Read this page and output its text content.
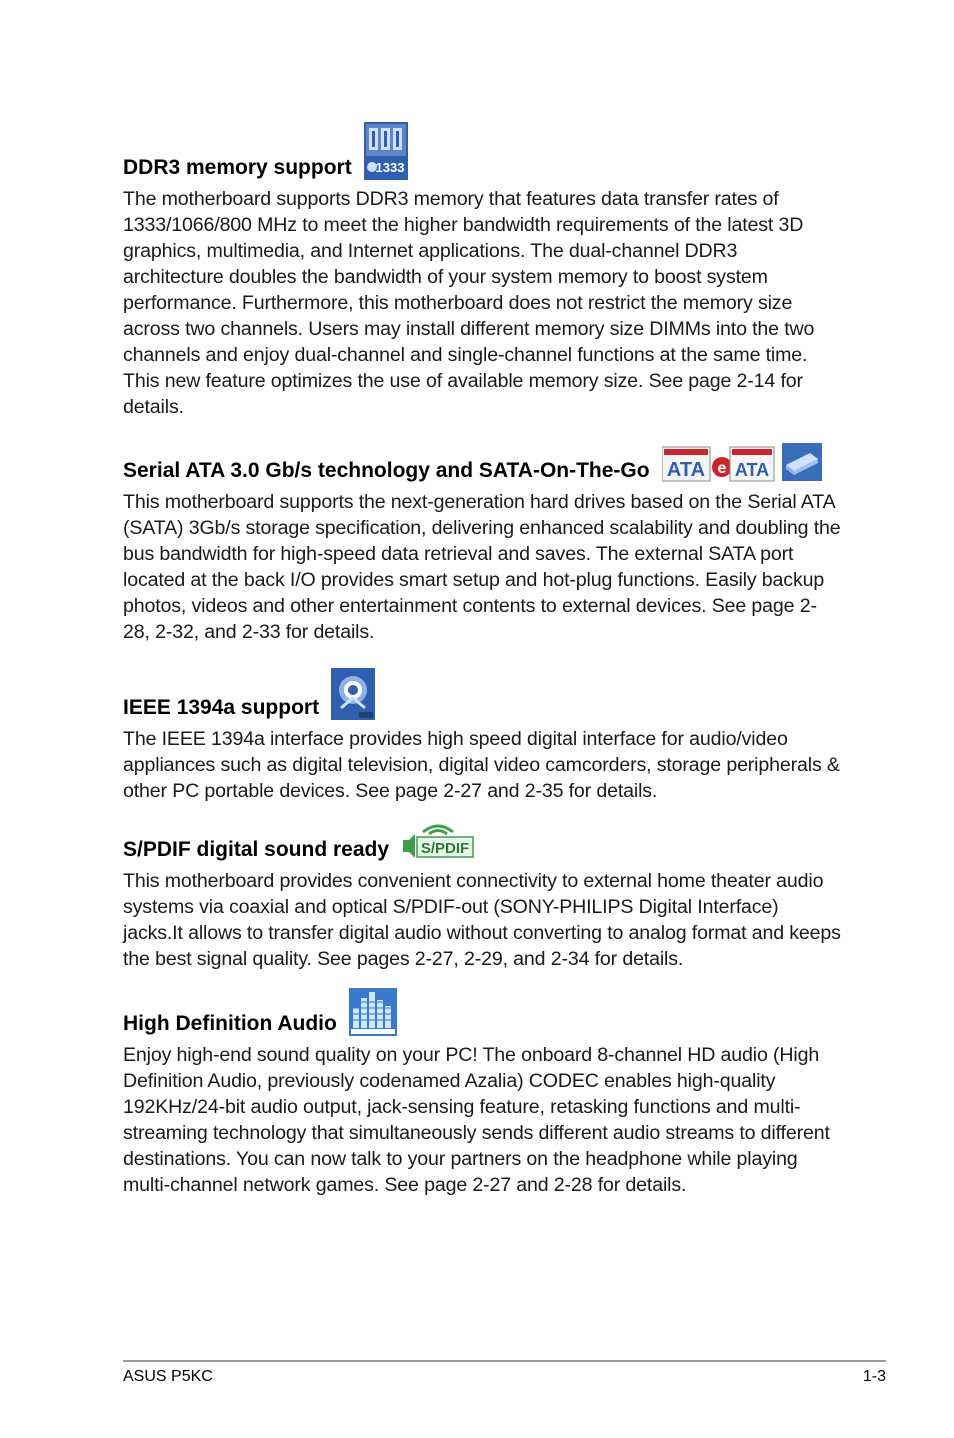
DDR3 memory support 1333

The motherboard supports DDR3 memory that features data transfer rates of 1333/1066/800 MHz to meet the higher bandwidth requirements of the latest 3D graphics, multimedia, and Internet applications. The dual-channel DDR3 architecture doubles the bandwidth of your system memory to boost system performance. Furthermore, this motherboard does not restrict the memory size across two channels. Users may install different memory size DIMMs into the two channels and enjoy dual-channel and single-channel functions at the same time. This new feature optimizes the use of available memory size. See page 2-14 for details.

Serial ATA 3.0 Gb/s technology and SATA-On-The-Go ATA e ATA

This motherboard supports the next-generation hard drives based on the Serial ATA (SATA) 3Gb/s storage specification, delivering enhanced scalability and doubling the bus bandwidth for high-speed data retrieval and saves. The external SATA port located at the back I/O provides smart setup and hot-plug functions. Easily backup photos, videos and other entertainment contents to external devices. See page 2-28, 2-32, and 2-33 for details.

IEEE 1394a support

The IEEE 1394a interface provides high speed digital interface for audio/video appliances such as digital television, digital video camcorders, storage peripherals & other PC portable devices. See page 2-27 and 2-35 for details.

S/PDIF digital sound ready S/PDIF

This motherboard provides convenient connectivity to external home theater audio systems via coaxial and optical S/PDIF-out (SONY-PHILIPS Digital Interface) jacks.It allows to transfer digital audio without converting to analog format and keeps the best signal quality. See pages 2-27, 2-29, and 2-34 for details.

High Definition Audio

Enjoy high-end sound quality on your PC! The onboard 8-channel HD audio (High Definition Audio, previously codenamed Azalia) CODEC enables high-quality 192KHz/24-bit audio output, jack-sensing feature, retasking functions and multi-streaming technology that simultaneously sends different audio streams to different destinations. You can now talk to your partners on the headphone while playing multi-channel network games. See page 2-27 and 2-28 for details.

ASUS P5KC	1-3
